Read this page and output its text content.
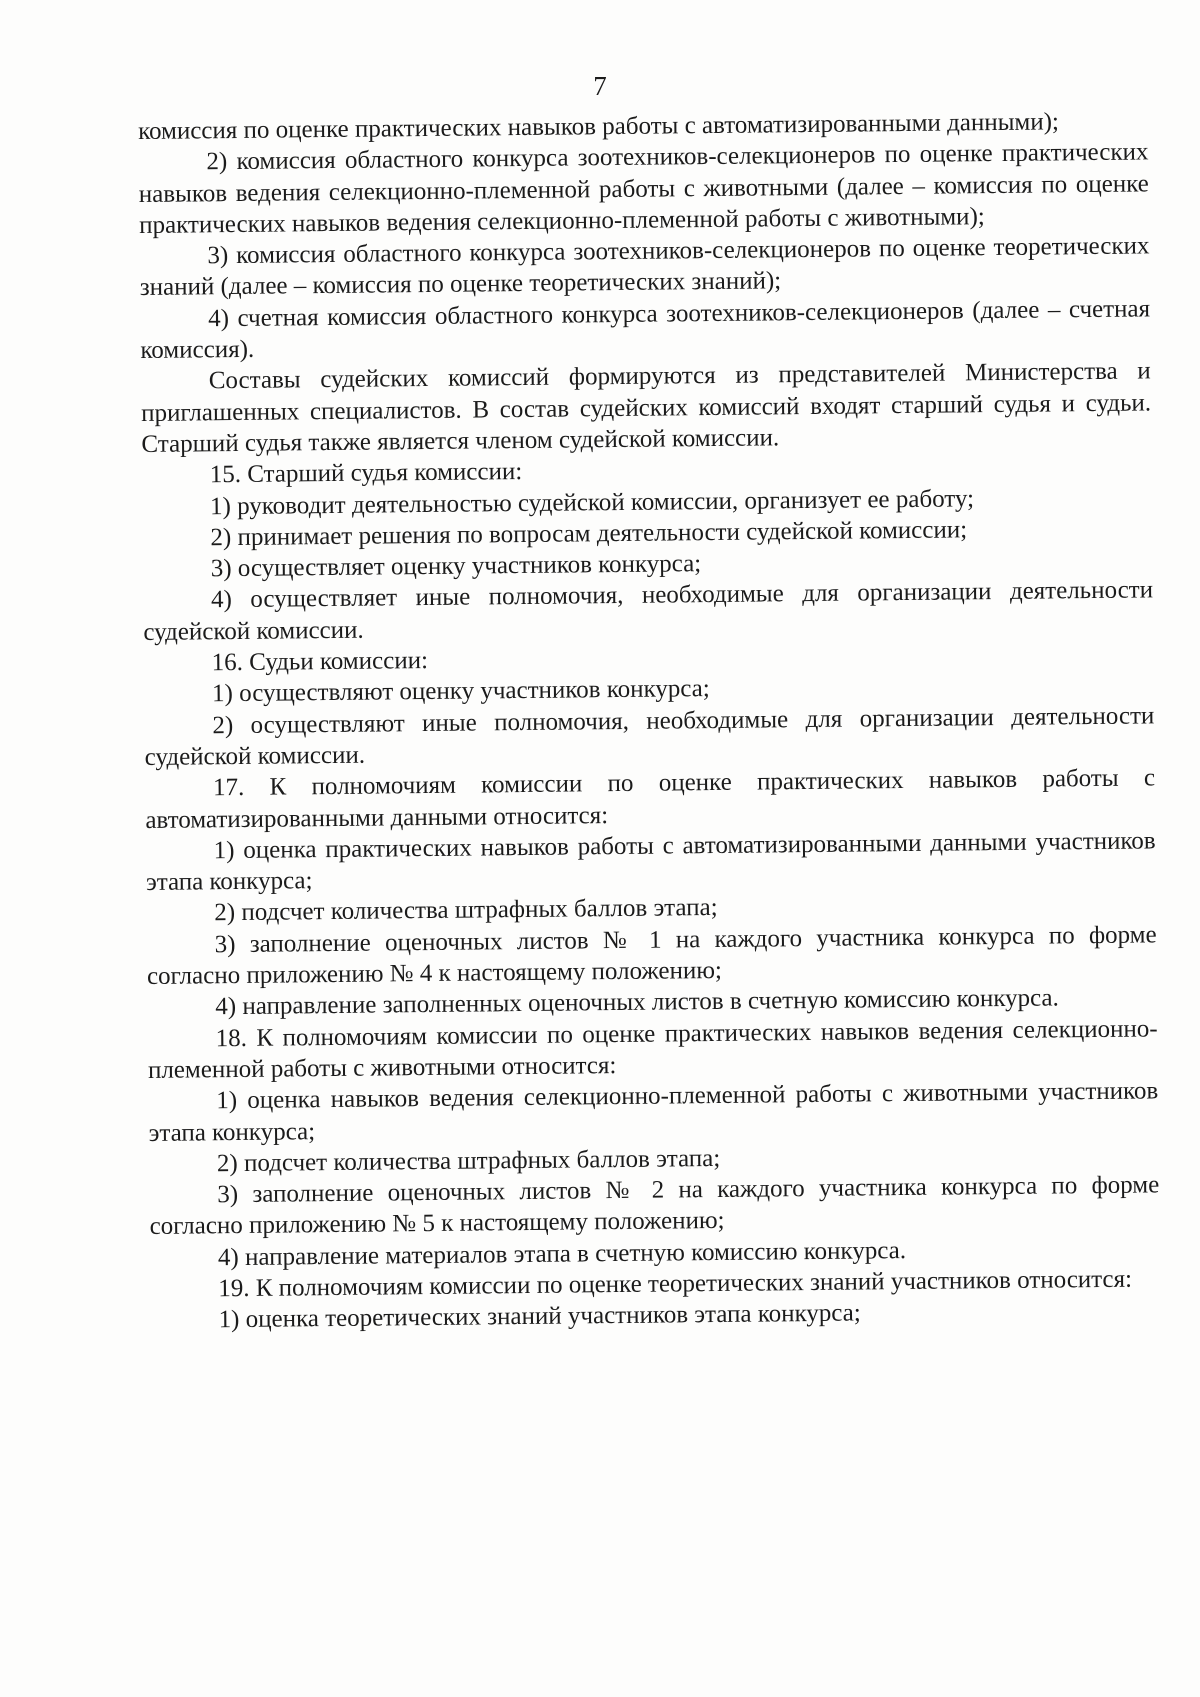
7

комиссия по оценке практических навыков работы с автоматизированными данными);

2) комиссия областного конкурса зоотехников-селекционеров по оценке практических навыков ведения селекционно-племенной работы с животными (далее – комиссия по оценке практических навыков ведения селекционно-племенной работы с животными);

3) комиссия областного конкурса зоотехников-селекционеров по оценке теоретических знаний (далее – комиссия по оценке теоретических знаний);

4) счетная комиссия областного конкурса зоотехников-селекционеров (далее – счетная комиссия).

Составы судейских комиссий формируются из представителей Министерства и приглашенных специалистов. В состав судейских комиссий входят старший судья и судьи. Старший судья также является членом судейской комиссии.

15. Старший судья комиссии:

1) руководит деятельностью судейской комиссии, организует ее работу;

2) принимает решения по вопросам деятельности судейской комиссии;

3) осуществляет оценку участников конкурса;

4) осуществляет иные полномочия, необходимые для организации деятельности судейской комиссии.

16. Судьи комиссии:

1) осуществляют оценку участников конкурса;

2) осуществляют иные полномочия, необходимые для организации деятельности судейской комиссии.

17. К полномочиям комиссии по оценке практических навыков работы с автоматизированными данными относится:

1) оценка практических навыков работы с автоматизированными данными участников этапа конкурса;

2) подсчет количества штрафных баллов этапа;

3) заполнение оценочных листов № 1 на каждого участника конкурса по форме согласно приложению № 4 к настоящему положению;

4) направление заполненных оценочных листов в счетную комиссию конкурса.

18. К полномочиям комиссии по оценке практических навыков ведения селекционно-племенной работы с животными относится:

1) оценка навыков ведения селекционно-племенной работы с животными участников этапа конкурса;

2) подсчет количества штрафных баллов этапа;

3) заполнение оценочных листов № 2 на каждого участника конкурса по форме согласно приложению № 5 к настоящему положению;

4) направление материалов этапа в счетную комиссию конкурса.

19. К полномочиям комиссии по оценке теоретических знаний участников относится:

1) оценка теоретических знаний участников этапа конкурса;
